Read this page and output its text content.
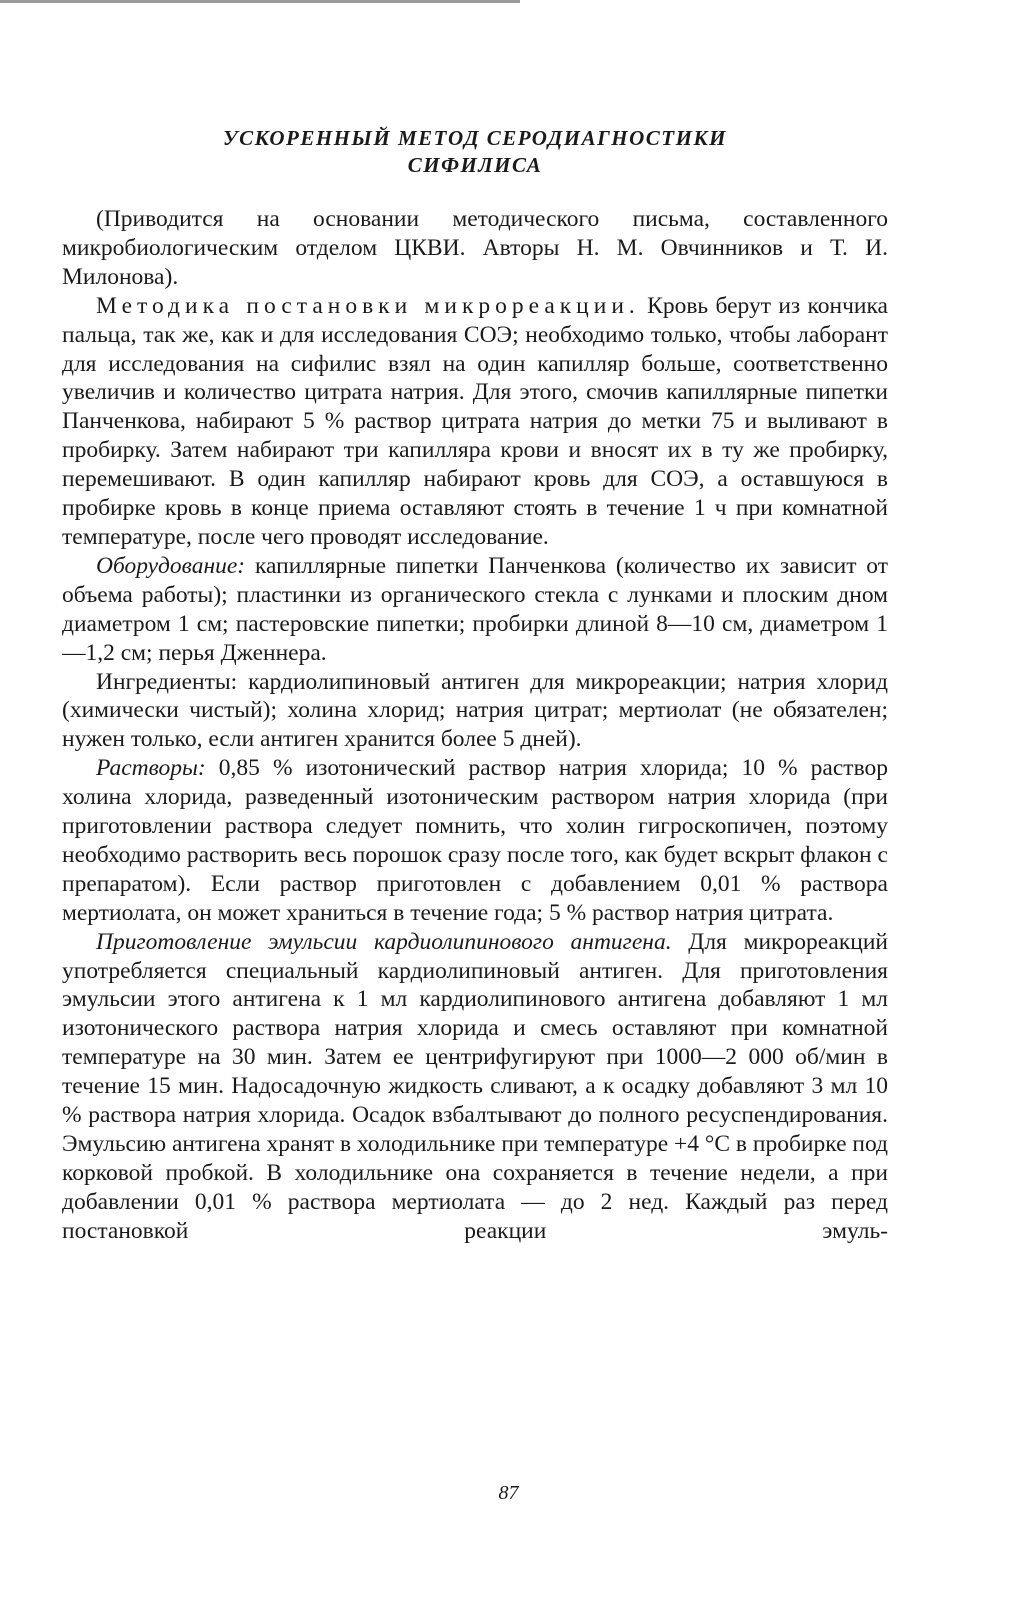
УСКОРЕННЫЙ МЕТОД СЕРОДИАГНОСТИКИ
СИФИЛИСА

(Приводится на основании методического письма, составленного микробиологическим отделом ЦКВИ. Авторы Н. М. Овчинников и Т. И. Милонова).

Методика постановки микрореакции. Кровь берут из кончика пальца, так же, как и для исследования СОЭ; необходимо только, чтобы лаборант для исследования на сифилис взял на один капилляр больше, соответственно увеличив и количество цитрата натрия. Для этого, смочив капиллярные пипетки Панченкова, набирают 5 % раствор цитрата натрия до метки 75 и выливают в пробирку. Затем набирают три капилляра крови и вносят их в ту же пробирку, перемешивают. В один капилляр набирают кровь для СОЭ, а оставшуюся в пробирке кровь в конце приема оставляют стоять в течение 1 ч при комнатной температуре, после чего проводят исследование.

Оборудование: капиллярные пипетки Панченкова (количество их зависит от объема работы); пластинки из органического стекла с лунками и плоским дном диаметром 1 см; пастеровские пипетки; пробирки длиной 8—10 см, диаметром 1—1,2 см; перья Дженнера.

Ингредиенты: кардиолипиновый антиген для микрореакции; натрия хлорид (химически чистый); холина хлорид; натрия цитрат; мертиолат (не обязателен; нужен только, если антиген хранится более 5 дней).

Растворы: 0,85 % изотонический раствор натрия хлорида; 10 % раствор холина хлорида, разведенный изотоническим раствором натрия хлорида (при приготовлении раствора следует помнить, что холин гигроскопичен, поэтому необходимо растворить весь порошок сразу после того, как будет вскрыт флакон с препаратом). Если раствор приготовлен с добавлением 0,01 % раствора мертиолата, он может храниться в течение года; 5 % раствор натрия цитрата.

Приготовление эмульсии кардиолипинового антигена. Для микрореакций употребляется специальный кардиолипиновый антиген. Для приготовления эмульсии этого антигена к 1 мл кардиолипинового антигена добавляют 1 мл изотонического раствора натрия хлорида и смесь оставляют при комнатной температуре на 30 мин. Затем ее центрифугируют при 1000—2 000 об/мин в течение 15 мин. Надосадочную жидкость сливают, а к осадку добавляют 3 мл 10 % раствора натрия хлорида. Осадок взбалтывают до полного ресуспендирования. Эмульсию антигена хранят в холодильнике при температуре +4 °С в пробирке под корковой пробкой. В холодильнике она сохраняется в течение недели, а при добавлении 0,01 % раствора мертиолата — до 2 нед. Каждый раз перед постановкой реакции эмуль-

87
